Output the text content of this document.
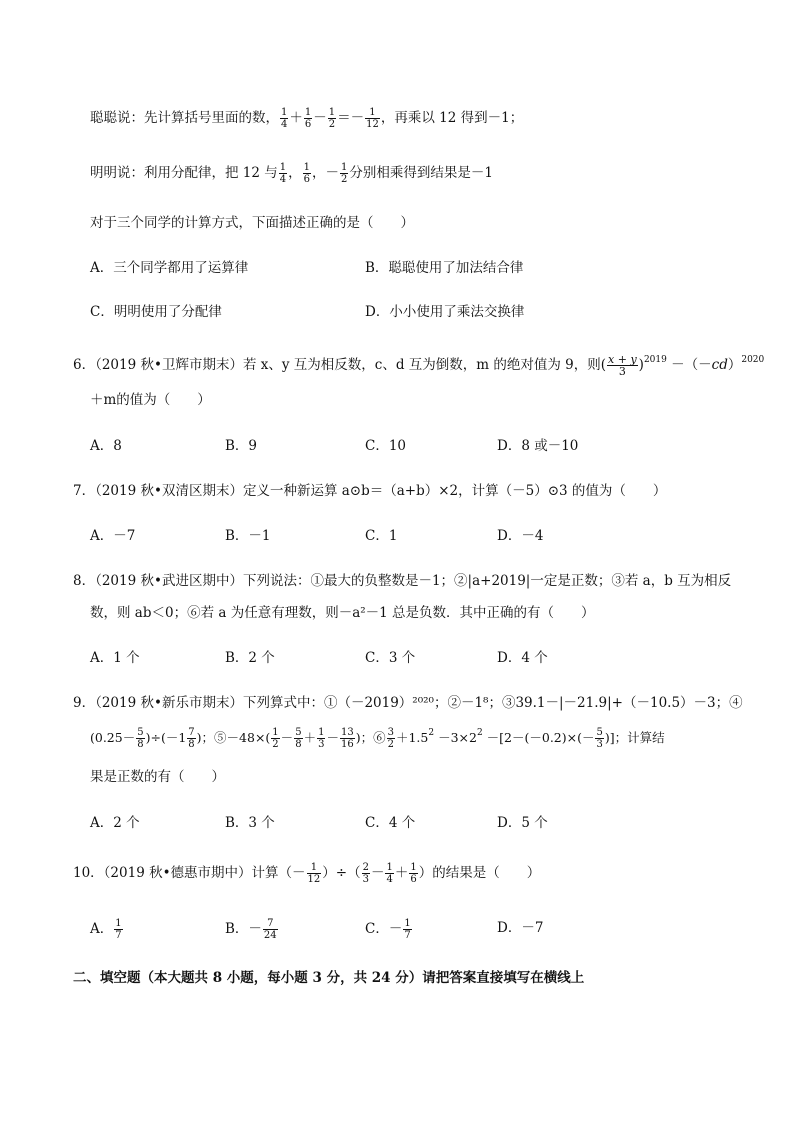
聪聪说：先计算括号里面的数， $\frac{1}{4} + \frac{1}{6} - \frac{1}{2} =- \frac{1}{12}$ ，再乘以 12 得到－1；
明明说：利用分配律，把 12 与 $\frac{1}{4}$ ， $\frac{1}{6}$ ，－ $\frac{1}{2}$ 分别相乘得到结果是－1
对于三个同学的计算方式，下面描述正确的是（　　）
A．三个同学都用了运算律	B．聪聪使用了加法结合律
C．明明使用了分配律	D．小小使用了乘法交换律
6．（2019 秋•卫辉市期末）若 x、y 互为相反数，c、d 互为倒数，m 的绝对值为 9，则( $\frac{x + y}{3} )^{2019} -(-cd)^{2020}$
＋m的值为（　　）
A．8	B．9	C．10	D．8 或－10
7．（2019 秋•双清区期末）定义一种新运算 a⊙b＝（a+b）×2，计算（－5）⊙3 的值为（　　）
A．－7	B．－1	C．1	D．－4
8．（2019 秋•武进区期中）下列说法：①最大的负整数是－1；②|a+2019|一定是正数；③若 a，b 互为相反
数，则 ab＜0；⑥若 a 为任意有理数，则－a²－1 总是负数．其中正确的有（　　）
A．1 个	B．2 个	C．3 个	D．4 个
9．（2019 秋•新乐市期末）下列算式中：①（－2019）²⁰²⁰；②－1⁸；③39.1－|－21.9|+（－10.5）－3；④
$(0.25- \frac{5}{8} )\div(-1 \frac{7}{8}$ )；⑤－48×( $\frac{1}{2} - \frac{5}{8} + \frac{1}{3} - \frac{13}{16}$ )；⑥ $\frac{3}{2} +1.5^2 -3\times 2^2 -[2-(-0.2)\times(- \frac{5}{3}$ )]；计算结
果是正数的有（　　）
A．2 个	B．3 个	C．4 个	D．5 个
10．（2019 秋•德惠市期中）计算（－ $\frac{1}{12}$ ）÷（ $\frac{2}{3} - \frac{1}{4} + \frac{1}{6}$ ）的结果是（　　）
A． $\frac{1}{7}$	B．－ $\frac{7}{24}$	C．－ $\frac{1}{7}$	D．－7
二、填空题（本大题共 8 小题，每小题 3 分，共 24 分）请把答案直接填写在横线上
